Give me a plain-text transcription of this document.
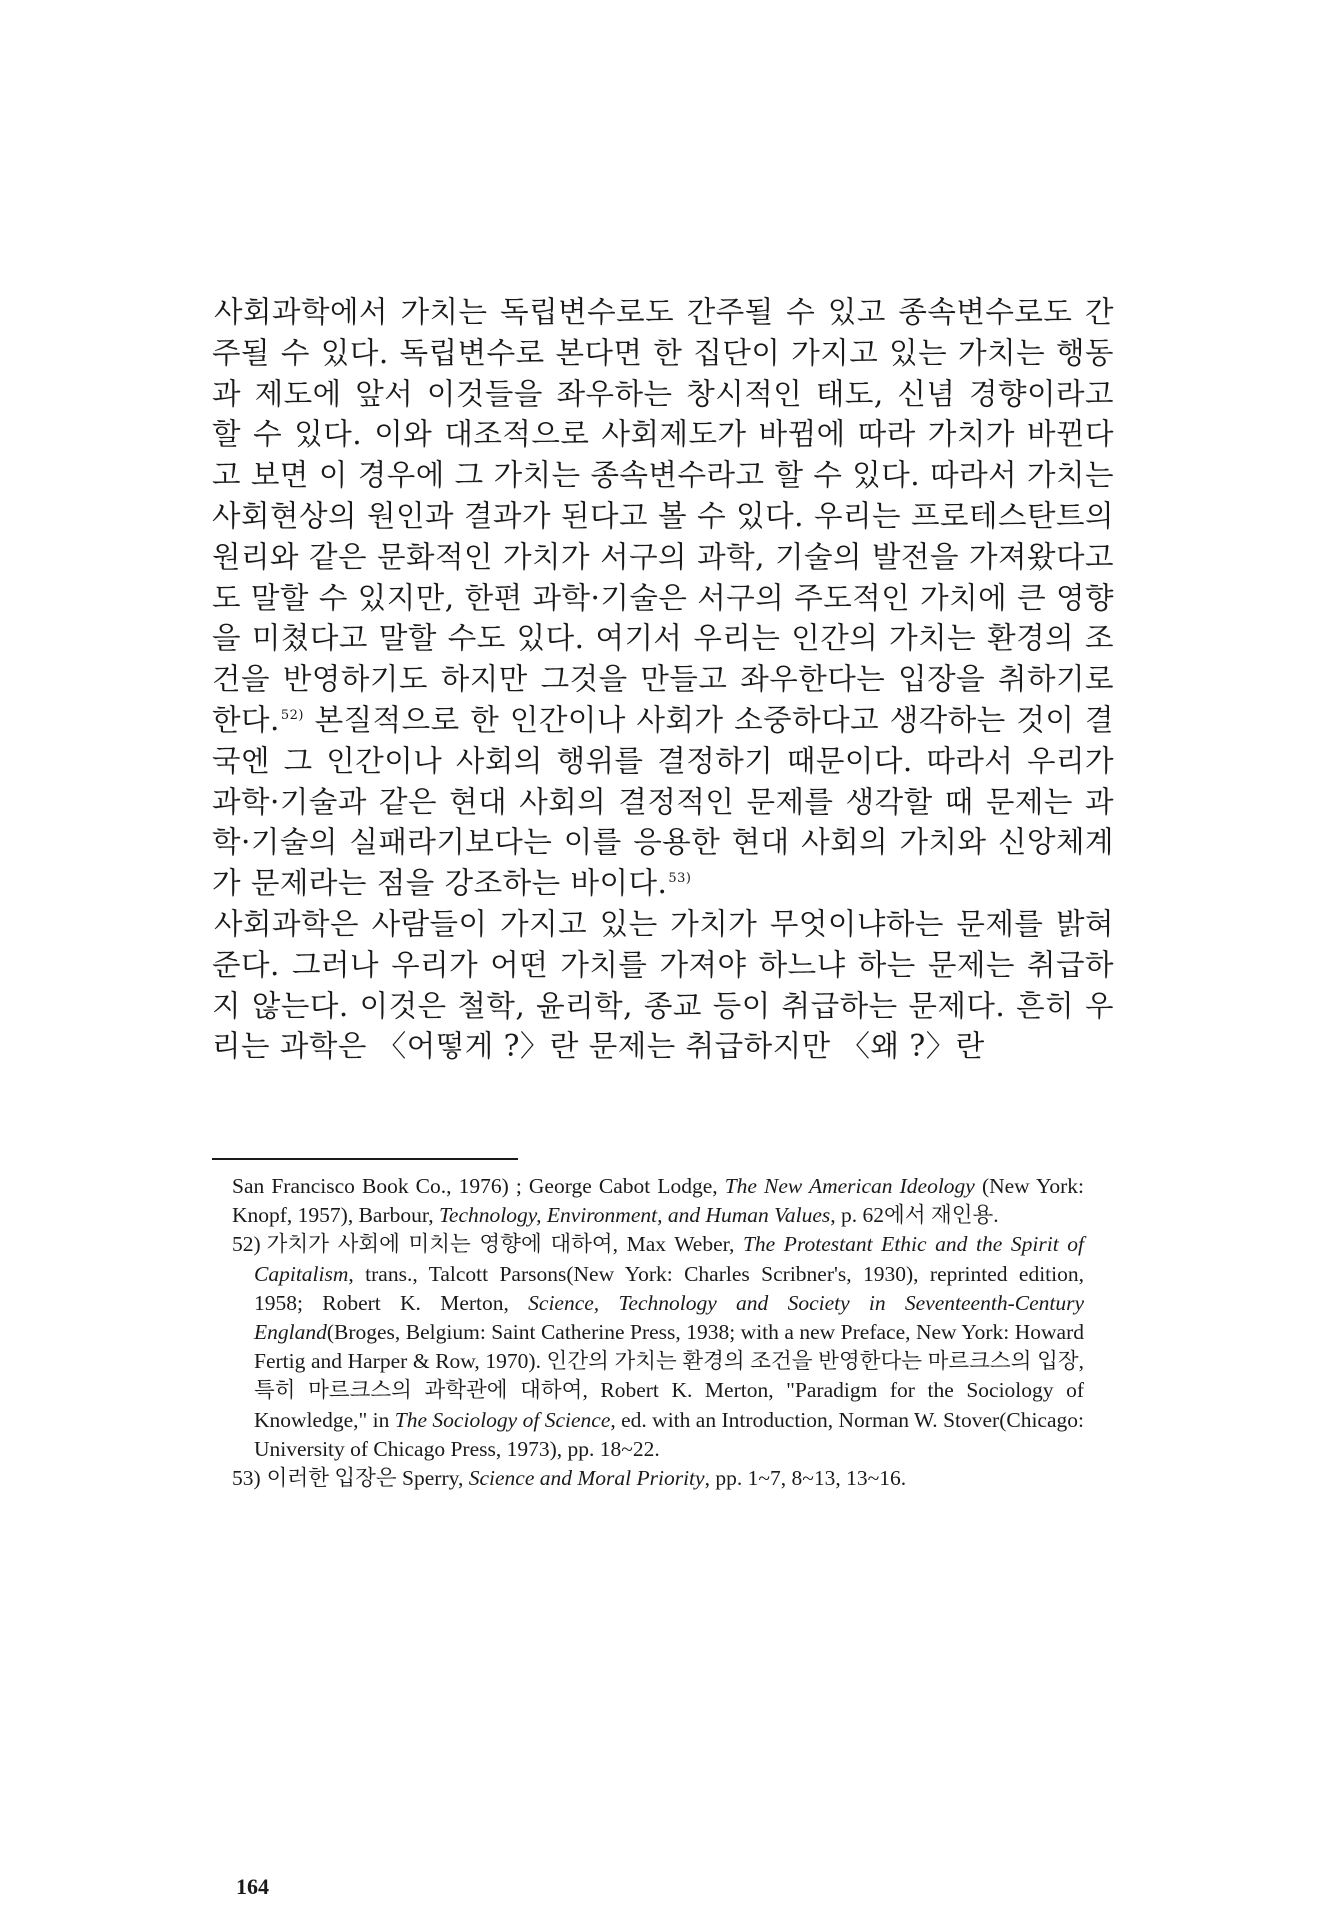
사회과학에서 가치는 독립변수로도 간주될 수 있고 종속변수로도 간주될 수 있다. 독립변수로 본다면 한 집단이 가지고 있는 가치는 행동과 제도에 앞서 이것들을 좌우하는 창시적인 태도, 신념 경향이라고 할 수 있다. 이와 대조적으로 사회제도가 바뀜에 따라 가치가 바뀐다고 보면 이 경우에 그 가치는 종속변수라고 할 수 있다. 따라서 가치는 사회현상의 원인과 결과가 된다고 볼 수 있다. 우리는 프로테스탄트의 원리와 같은 문화적인 가치가 서구의 과학, 기술의 발전을 가져왔다고도 말할 수 있지만, 한편 과학·기술은 서구의 주도적인 가치에 큰 영향을 미쳤다고 말할 수도 있다. 여기서 우리는 인간의 가치는 환경의 조건을 반영하기도 하지만 그것을 만들고 좌우한다는 입장을 취하기로 한다.$^{52)}$ 본질적으로 한 인간이나 사회가 소중하다고 생각하는 것이 결국엔 그 인간이나 사회의 행위를 결정하기 때문이다. 따라서 우리가 과학·기술과 같은 현대 사회의 결정적인 문제를 생각할 때 문제는 과학·기술의 실패라기보다는 이를 응용한 현대 사회의 가치와 신앙체계가 문제라는 점을 강조하는 바이다.$^{53)}$

사회과학은 사람들이 가지고 있는 가치가 무엇이냐하는 문제를 밝혀 준다. 그러나 우리가 어떤 가치를 가져야 하느냐 하는 문제는 취급하지 않는다. 이것은 철학, 윤리학, 종교 등이 취급하는 문제다. 흔히 우리는 과학은 〈어떻게 ?〉란 문제는 취급하지만 〈왜 ?〉란

San Francisco Book Co., 1976) ; George Cabot Lodge, The New American Ideology (New York: Knopf, 1957), Barbour, Technology, Environment, and Human Values, p. 62에서 재인용.

52) 가치가 사회에 미치는 영향에 대하여, Max Weber, The Protestant Ethic and the Spirit of Capitalism, trans., Talcott Parsons(New York: Charles Scribner's, 1930), reprinted edition, 1958; Robert K. Merton, Science, Technology and Society in Seventeenth-Century England(Broges, Belgium: Saint Catherine Press, 1938; with a new Preface, New York: Howard Fertig and Harper & Row, 1970). 인간의 가치는 환경의 조건을 반영한다는 마르크스의 입장, 특히 마르크스의 과학관에 대하여, Robert K. Merton, "Paradigm for the Sociology of Knowledge," in The Sociology of Science, ed. with an Introduction, Norman W. Stover(Chicago: University of Chicago Press, 1973), pp. 18~22.

53) 이러한 입장은 Sperry, Science and Moral Priority, pp. 1~7, 8~13, 13~16.

164
